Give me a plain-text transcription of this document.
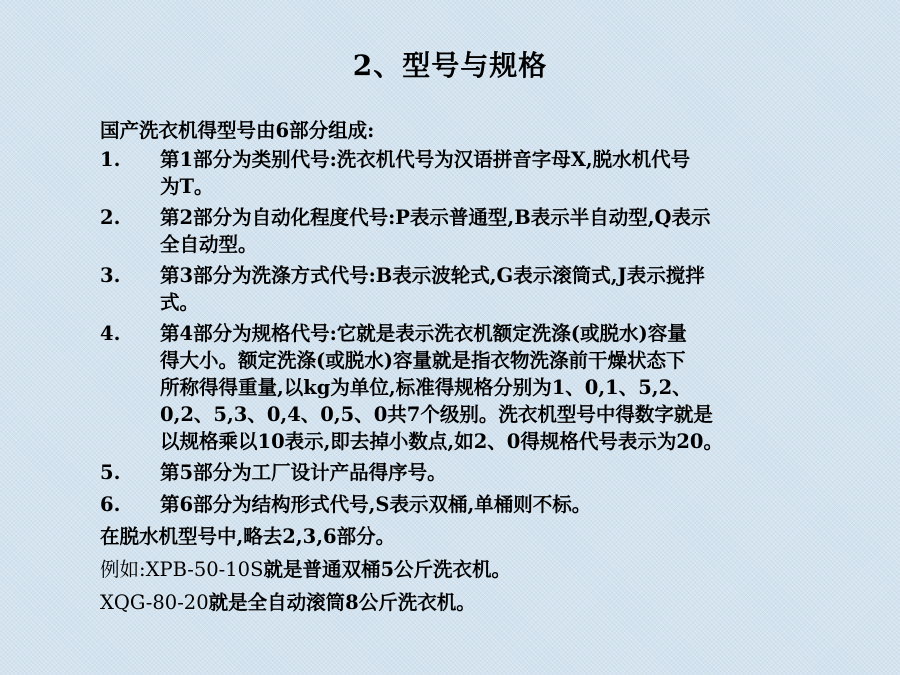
2、型号与规格

国产洗衣机得型号由6部分组成:

1. 第1部分为类别代号:洗衣机代号为汉语拼音字母X,脱水机代号
为T。
2. 第2部分为自动化程度代号:P表示普通型,B表示半自动型,Q表示
全自动型。
3. 第3部分为洗涤方式代号:B表示波轮式,G表示滚筒式,J表示搅拌
式。
4. 第4部分为规格代号:它就是表示洗衣机额定洗涤(或脱水)容量
得大小。额定洗涤(或脱水)容量就是指衣物洗涤前干燥状态下
所称得得重量,以kg为单位,标准得规格分别为1、0,1、5,2、
0,2、5,3、0,4、0,5、0共7个级别。洗衣机型号中得数字就是
以规格乘以10表示,即去掉小数点,如2、0得规格代号表示为20。
5. 第5部分为工厂设计产品得序号。
6. 第6部分为结构形式代号,S表示双桶,单桶则不标。

在脱水机型号中,略去2,3,6部分。

例如:XPB-50-10S就是普通双桶5公斤洗衣机。

XQG-80-20就是全自动滚筒8公斤洗衣机。
